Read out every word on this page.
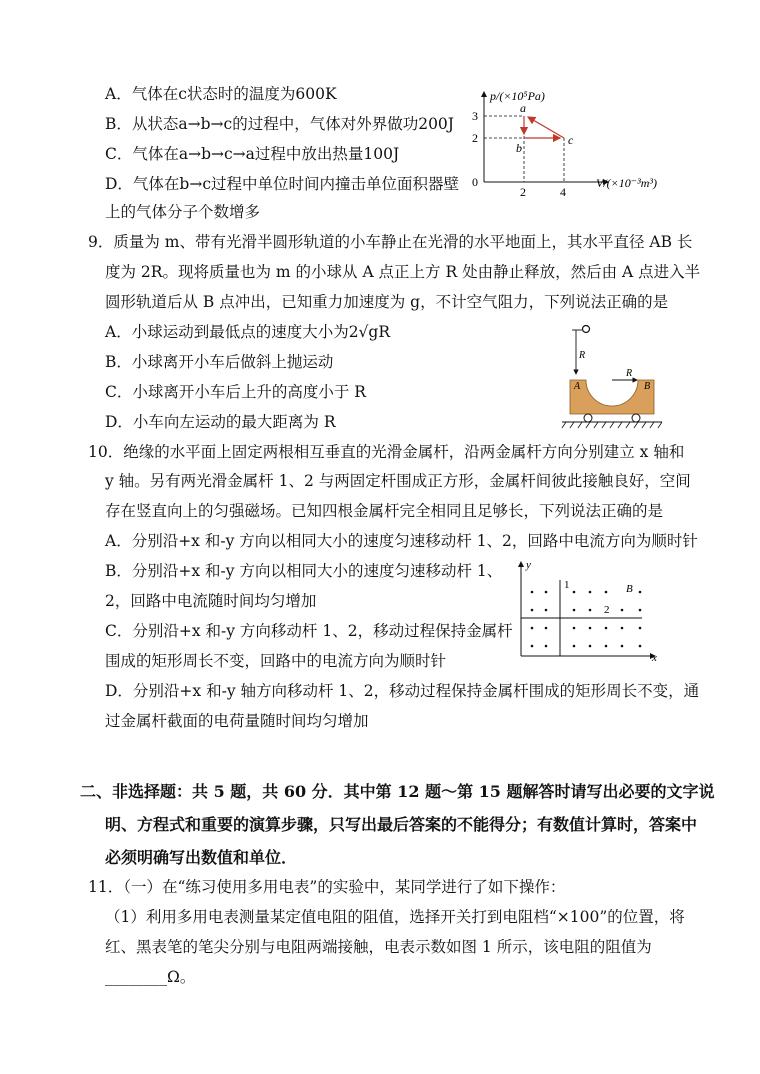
A．气体在c状态时的温度为600K
B．从状态a→b→c的过程中，气体对外界做功200J
C．气体在a→b→c→a过程中放出热量100J
D．气体在b→c过程中单位时间内撞击单位面积器壁
上的气体分子个数增多
p/(×10⁵Pa)
V/(×10⁻³m³)
0
3
2
2	4
a
b
c
9．质量为 m、带有光滑半圆形轨道的小车静止在光滑的水平地面上，其水平直径 AB 长
度为 2R。现将质量也为 m 的小球从 A 点正上方 R 处由静止释放，然后由 A 点进入半
圆形轨道后从 B 点冲出，已知重力加速度为 g，不计空气阻力，下列说法正确的是
A．小球运动到最低点的速度大小为2√gR
B．小球离开小车后做斜上抛运动
C．小球离开小车后上升的高度小于 R
D．小车向左运动的最大距离为 R
R
R
A	B
10．绝缘的水平面上固定两根相互垂直的光滑金属杆，沿两金属杆方向分别建立 x 轴和
y 轴。另有两光滑金属杆 1、2 与两固定杆围成正方形，金属杆间彼此接触良好，空间
存在竖直向上的匀强磁场。已知四根金属杆完全相同且足够长，下列说法正确的是
A．分别沿+x 和-y 方向以相同大小的速度匀速移动杆 1、2，回路中电流方向为顺时针
B．分别沿+x 和-y 方向以相同大小的速度匀速移动杆 1、
2，回路中电流随时间均匀增加
C．分别沿+x 和-y 方向移动杆 1、2，移动过程保持金属杆
围成的矩形周长不变，回路中的电流方向为顺时针
D．分别沿+x 和-y 轴方向移动杆 1、2，移动过程保持金属杆围成的矩形周长不变，通
过金属杆截面的电荷量随时间均匀增加
y
x
1
2
B
二、非选择题：共 5 题，共 60 分．其中第 12 题～第 15 题解答时请写出必要的文字说
明、方程式和重要的演算步骤，只写出最后答案的不能得分；有数值计算时，答案中
必须明确写出数值和单位．
11．（一）在“练习使用多用电表”的实验中，某同学进行了如下操作：
（1）利用多用电表测量某定值电阻的阻值，选择开关打到电阻档“×100”的位置，将
红、黑表笔的笔尖分别与电阻两端接触，电表示数如图 1 所示，该电阻的阻值为
________Ω。
